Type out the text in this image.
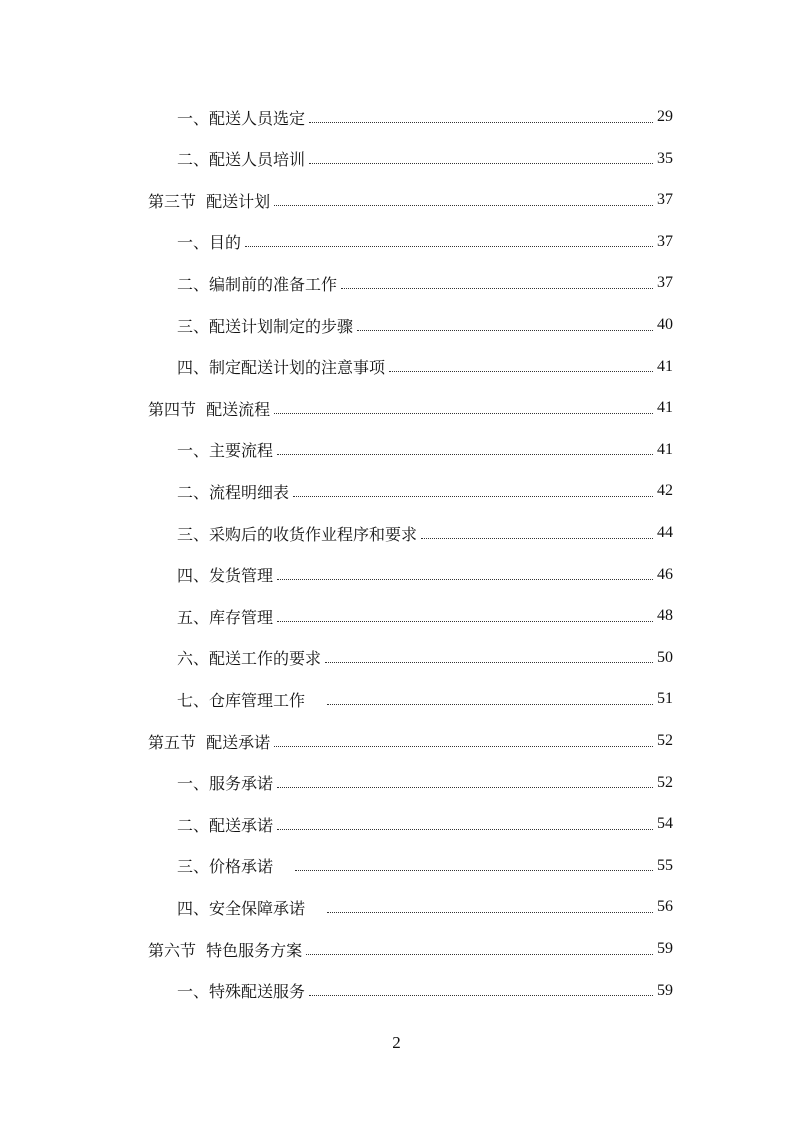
一、配送人员选定	29
二、配送人员培训	35
第三节  配送计划	37
一、目的	37
二、编制前的准备工作	37
三、配送计划制定的步骤	40
四、制定配送计划的注意事项	41
第四节  配送流程	41
一、主要流程	41
二、流程明细表	42
三、采购后的收货作业程序和要求	44
四、发货管理	46
五、库存管理	48
六、配送工作的要求	50
七、仓库管理工作	51
第五节  配送承诺	52
一、服务承诺	52
二、配送承诺	54
三、价格承诺	55
四、安全保障承诺	56
第六节  特色服务方案	59
一、特殊配送服务	59
2
